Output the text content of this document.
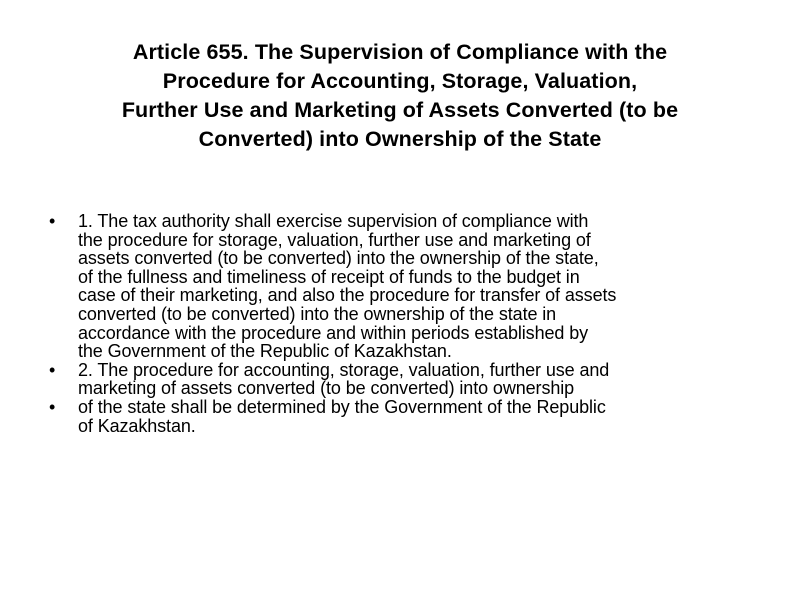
Article 655. The Supervision of Compliance with the
Procedure for Accounting, Storage, Valuation,
Further Use and Marketing of Assets Converted (to be
Converted) into Ownership of the State
• 1. The tax authority shall exercise supervision of compliance with
the procedure for storage, valuation, further use and marketing of
assets converted (to be converted) into the ownership of the state,
of the fullness and timeliness of receipt of funds to the budget in
case of their marketing, and also the procedure for transfer of assets
converted (to be converted) into the ownership of the state in
accordance with the procedure and within periods established by
the Government of the Republic of Kazakhstan.
• 2. The procedure for accounting, storage, valuation, further use and
marketing of assets converted (to be converted) into ownership
• of the state shall be determined by the Government of the Republic
of Kazakhstan.
